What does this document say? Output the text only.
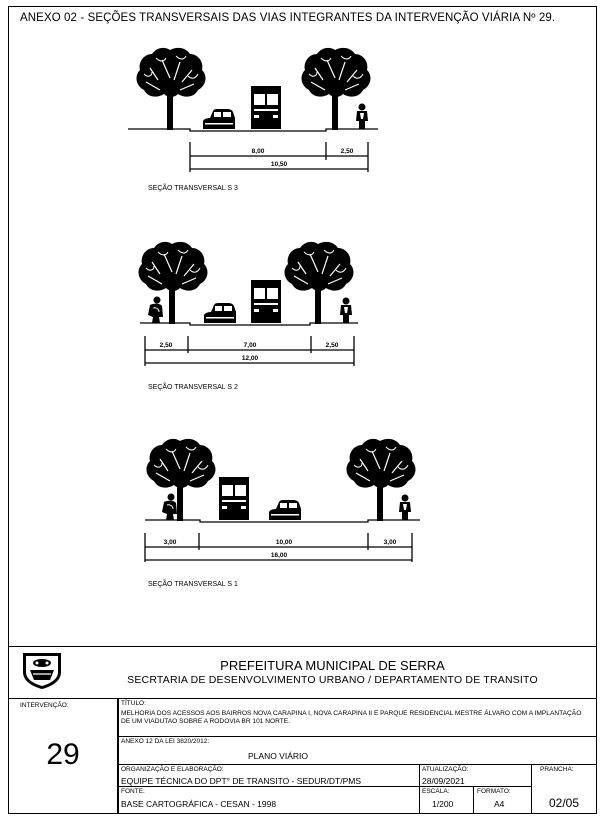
ANEXO 02 - SEÇÕES TRANSVERSAIS DAS VIAS INTEGRANTES DA INTERVENÇÃO VIÁRIA Nº 29.
8,00	2,50
10,50
SEÇÃO TRANSVERSAL S 3
2,50	7,00	2,50
12,00
SEÇÃO TRANSVERSAL S 2
3,00	10,00	3,00
16,00
SEÇÃO TRANSVERSAL S 1
PREFEITURA MUNICIPAL DE SERRA
SECRTARIA DE DESENVOLVIMENTO URBANO / DEPARTAMENTO DE TRANSITO
INTERVENÇÃO:
29
TÍTULO:
MELHORIA DOS ACESSOS AOS BAIRROS NOVA CARAPINA I, NOVA CARAPINA II E PARQUE RESIDENCIAL MESTRE ÁLVARO COM A IMPLANTAÇÃO DE UM VIADUTAO SOBRE A RODOVIA BR 101 NORTE.
ANEXO 12 DA LEI 3820/2012:
PLANO VIÁRIO
ORGANIZAÇÃO E ELABORAÇÃO:
EQUIPE TÉCNICA DO DPT° DE TRANSITO - SEDUR/DT/PMS
ATUALIZAÇÃO:
28/09/2021
PRANCHA:
02/05
FONTE:
BASE CARTOGRÁFICA - CESAN - 1998
ESCALA:
1/200
FORMATO:
A4
